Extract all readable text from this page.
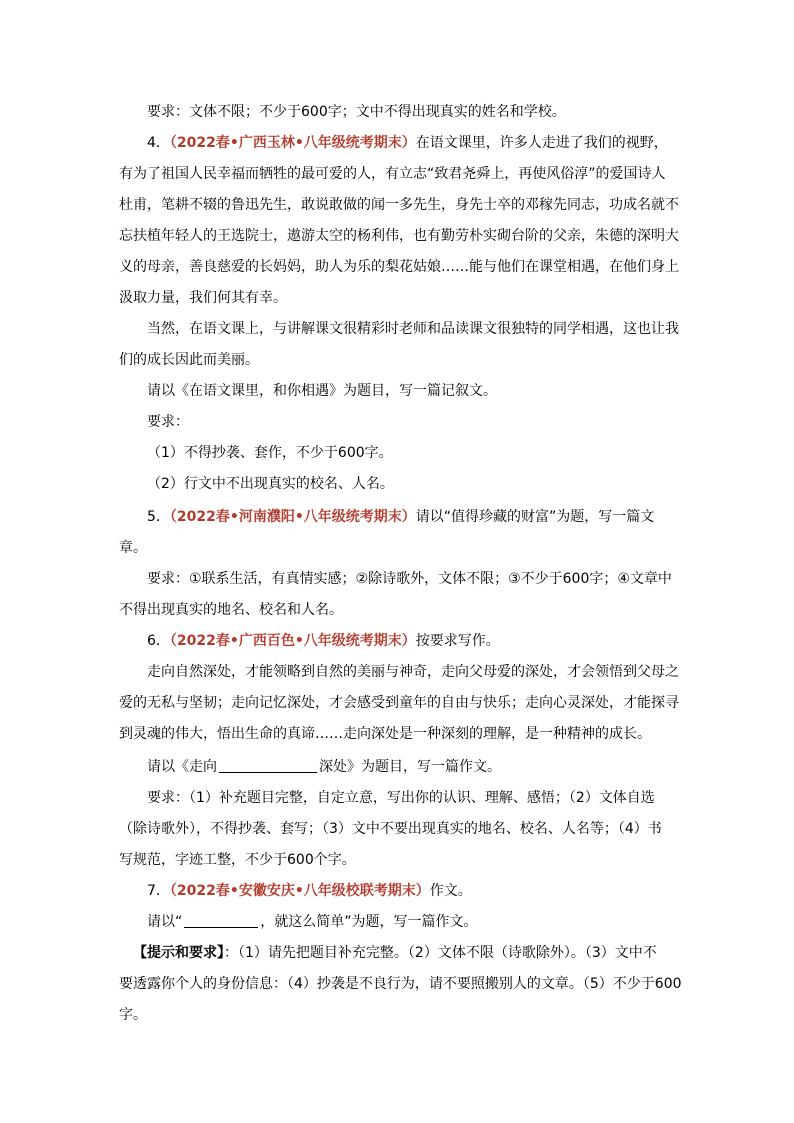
要求：文体不限；不少于600字；文中不得出现真实的姓名和学校。
4．（2022春•广西玉林•八年级统考期末）在语文课里，许多人走进了我们的视野，
有为了祖国人民幸福而牺牲的最可爱的人，有立志“致君尧舜上，再使风俗淳”的爱国诗人
杜甫，笔耕不辍的鲁迅先生，敢说敢做的闻一多先生，身先士卒的邓稼先同志，功成名就不
忘扶植年轻人的王选院士，遨游太空的杨利伟，也有勤劳朴实砌台阶的父亲，朱德的深明大
义的母亲，善良慈爱的长妈妈，助人为乐的梨花姑娘……能与他们在课堂相遇，在他们身上
汲取力量，我们何其有幸。
当然，在语文课上，与讲解课文很精彩时老师和品读课文很独特的同学相遇，这也让我
们的成长因此而美丽。
请以《在语文课里，和你相遇》为题目，写一篇记叙文。
要求：
（1）不得抄袭、套作，不少于600字。
（2）行文中不出现真实的校名、人名。
5．（2022春•河南濮阳•八年级统考期末）请以“值得珍藏的财富”为题，写一篇文
章。
要求：①联系生活，有真情实感；②除诗歌外，文体不限；③不少于600字；④文章中
不得出现真实的地名、校名和人名。
6．（2022春•广西百色•八年级统考期末）按要求写作。
走向自然深处，才能领略到自然的美丽与神奇，走向父母爱的深处，才会领悟到父母之
爱的无私与坚韧；走向记忆深处，才会感受到童年的自由与快乐；走向心灵深处，才能探寻
到灵魂的伟大，悟出生命的真谛……走向深处是一种深刻的理解，是一种精神的成长。
请以《走向	深处》为题目，写一篇作文。
要求：（1）补充题目完整，自定立意，写出你的认识、理解、感悟；（2）文体自选
（除诗歌外），不得抄袭、套写；（3）文中不要出现真实的地名、校名、人名等；（4）书
写规范，字迹工整，不少于600个字。
7．（2022春•安徽安庆•八年级校联考期末）作文。
请以“	，就这么简单”为题，写一篇作文。
【提示和要求】：（1）请先把题目补充完整。（2）文体不限（诗歌除外）。（3）文中不
要透露你个人的身份信息：（4）抄袭是不良行为，请不要照搬别人的文章。（5）不少于600
字。
